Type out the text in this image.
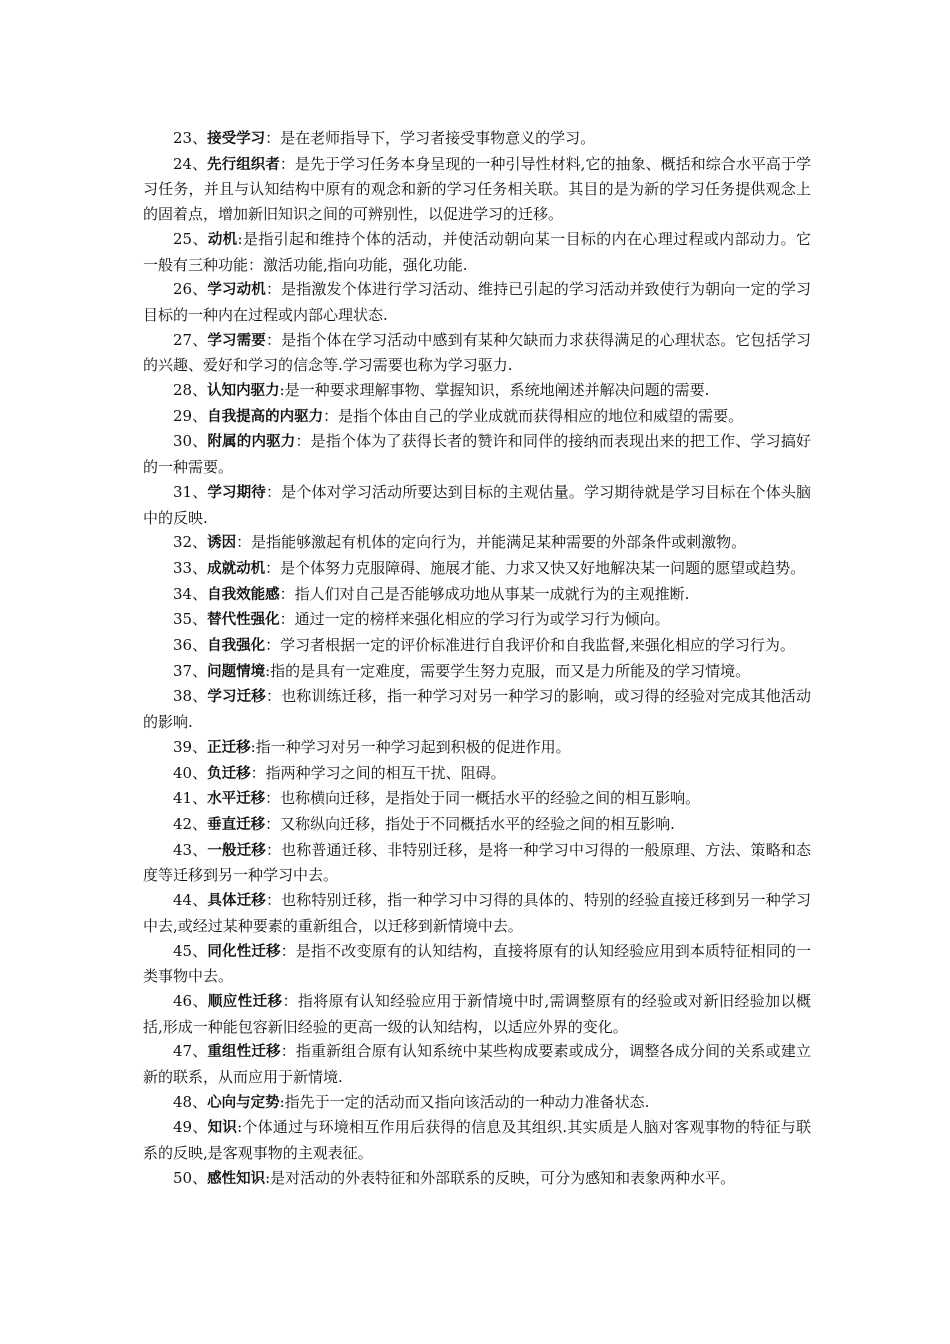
23、接受学习：是在老师指导下，学习者接受事物意义的学习。

24、先行组织者：是先于学习任务本身呈现的一种引导性材料,它的抽象、概括和综合水平高于学习任务，并且与认知结构中原有的观念和新的学习任务相关联。其目的是为新的学习任务提供观念上的固着点，增加新旧知识之间的可辨别性，以促进学习的迁移。

25、动机:是指引起和维持个体的活动，并使活动朝向某一目标的内在心理过程或内部动力。它一般有三种功能：激活功能,指向功能，强化功能.

26、学习动机：是指激发个体进行学习活动、维持已引起的学习活动并致使行为朝向一定的学习目标的一种内在过程或内部心理状态.

27、学习需要：是指个体在学习活动中感到有某种欠缺而力求获得满足的心理状态。它包括学习的兴趣、爱好和学习的信念等.学习需要也称为学习驱力.

28、认知内驱力:是一种要求理解事物、掌握知识，系统地阐述并解决问题的需要.

29、自我提高的内驱力：是指个体由自己的学业成就而获得相应的地位和威望的需要。

30、附属的内驱力：是指个体为了获得长者的赞许和同伴的接纳而表现出来的把工作、学习搞好的一种需要。

31、学习期待：是个体对学习活动所要达到目标的主观估量。学习期待就是学习目标在个体头脑中的反映.

32、诱因：是指能够激起有机体的定向行为，并能满足某种需要的外部条件或刺激物。

33、成就动机：是个体努力克服障碍、施展才能、力求又快又好地解决某一问题的愿望或趋势。

34、自我效能感：指人们对自己是否能够成功地从事某一成就行为的主观推断.

35、替代性强化：通过一定的榜样来强化相应的学习行为或学习行为倾向。

36、自我强化：学习者根据一定的评价标准进行自我评价和自我监督,来强化相应的学习行为。

37、问题情境:指的是具有一定难度，需要学生努力克服，而又是力所能及的学习情境。

38、学习迁移：也称训练迁移，指一种学习对另一种学习的影响，或习得的经验对完成其他活动的影响.

39、正迁移:指一种学习对另一种学习起到积极的促进作用。

40、负迁移：指两种学习之间的相互干扰、阻碍。

41、水平迁移：也称横向迁移，是指处于同一概括水平的经验之间的相互影响。

42、垂直迁移：又称纵向迁移，指处于不同概括水平的经验之间的相互影响.

43、一般迁移：也称普通迁移、非特别迁移，是将一种学习中习得的一般原理、方法、策略和态度等迁移到另一种学习中去。

44、具体迁移：也称特别迁移，指一种学习中习得的具体的、特别的经验直接迁移到另一种学习中去,或经过某种要素的重新组合，以迁移到新情境中去。

45、同化性迁移：是指不改变原有的认知结构，直接将原有的认知经验应用到本质特征相同的一类事物中去。

46、顺应性迁移：指将原有认知经验应用于新情境中时,需调整原有的经验或对新旧经验加以概括,形成一种能包容新旧经验的更高一级的认知结构，以适应外界的变化。

47、重组性迁移：指重新组合原有认知系统中某些构成要素或成分，调整各成分间的关系或建立新的联系，从而应用于新情境.

48、心向与定势:指先于一定的活动而又指向该活动的一种动力准备状态.

49、知识:个体通过与环境相互作用后获得的信息及其组织.其实质是人脑对客观事物的特征与联系的反映,是客观事物的主观表征。

50、感性知识:是对活动的外表特征和外部联系的反映，可分为感知和表象两种水平。
